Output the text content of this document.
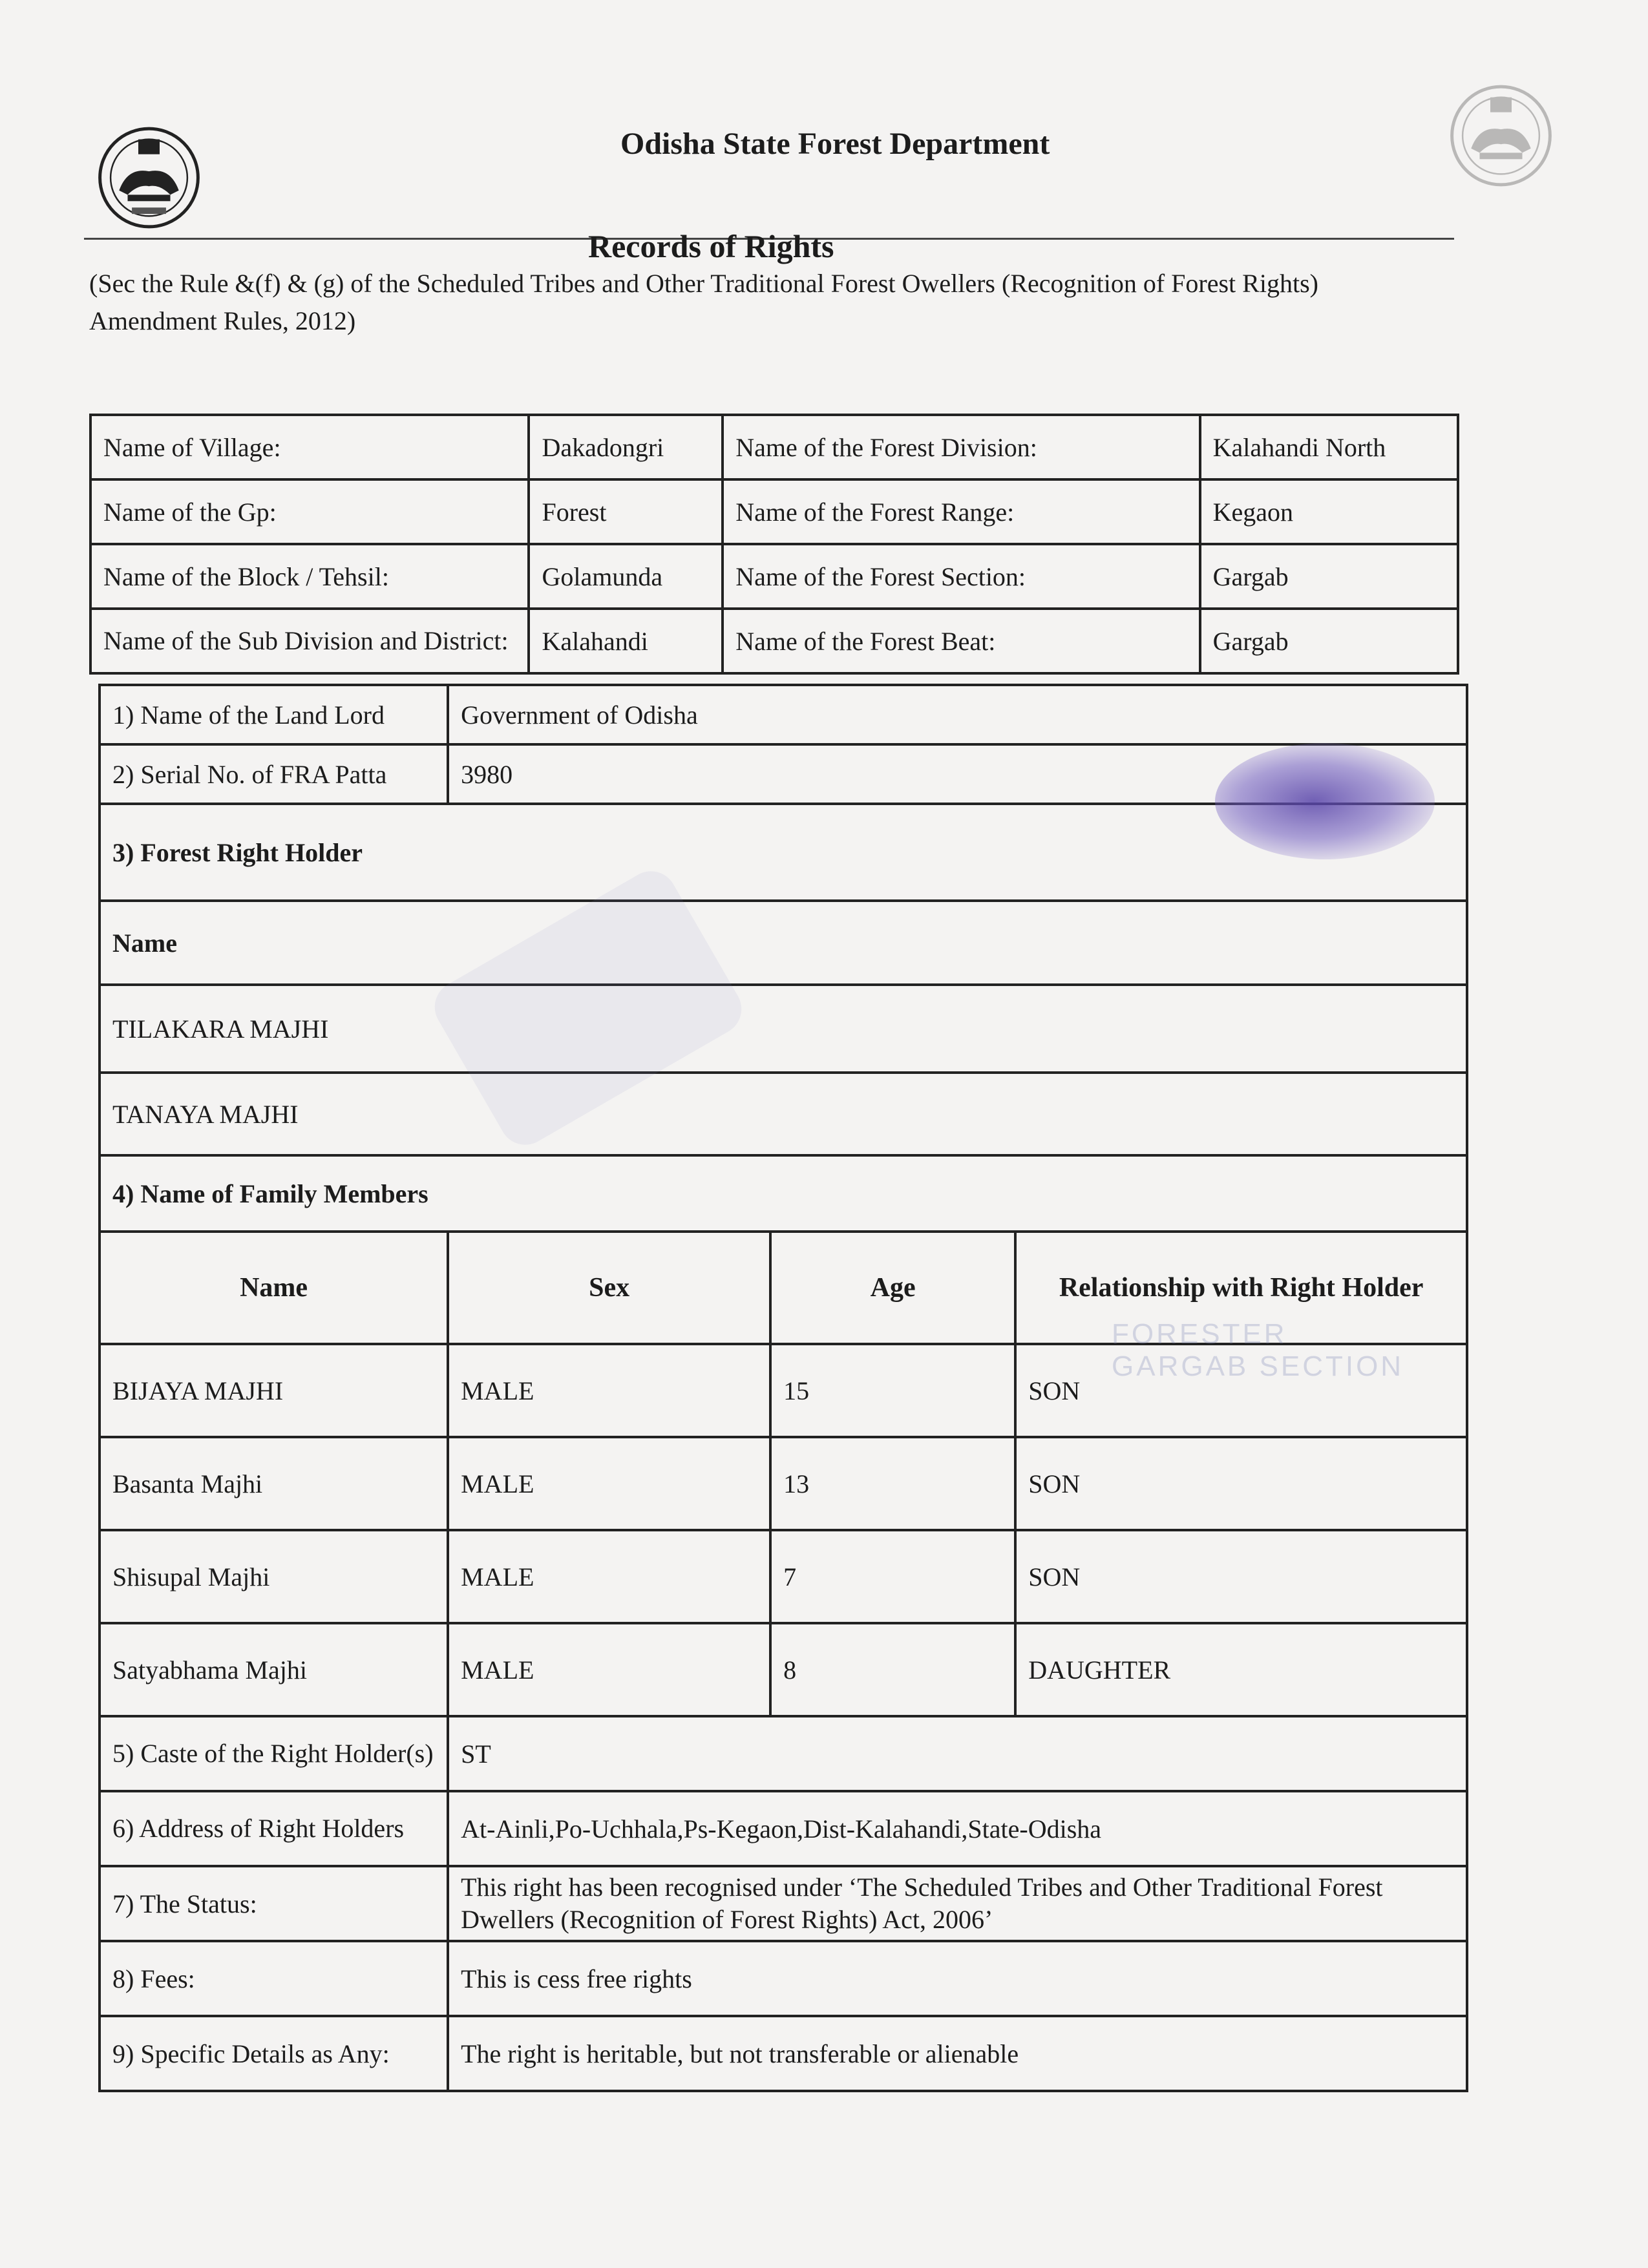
Odisha State Forest Department
Records of Rights
(Sec the Rule &(f) & (g) of the Scheduled Tribes and Other Traditional Forest Owellers (Recognition of Forest Rights) Amendment Rules, 2012)
Name of Village:	Dakadongri	Name of the Forest Division:	Kalahandi North
Name of the Gp:	Forest	Name of the Forest Range:	Kegaon
Name of the Block / Tehsil:	Golamunda	Name of the Forest Section:	Gargab
Name of the Sub Division and District:	Kalahandi	Name of the Forest Beat:	Gargab
1) Name of the Land Lord	Government of Odisha		
2) Serial No. of FRA Patta	3980		
3) Forest Right Holder			
Name			
TILAKARA MAJHI			
TANAYA MAJHI			
4) Name of Family Members			
Name	Sex	Age	Relationship with Right Holder
BIJAYA MAJHI	MALE	15	SON
Basanta Majhi	MALE	13	SON
Shisupal Majhi	MALE	7	SON
Satyabhama Majhi	MALE	8	DAUGHTER
5) Caste of the Right Holder(s)	ST		
6) Address of Right Holders	At-Ainli,Po-Uchhala,Ps-Kegaon,Dist-Kalahandi,State-Odisha		
7) The Status:	This right has been recognised under ‘The Scheduled Tribes and Other Traditional Forest Dwellers (Recognition of Forest Rights) Act, 2006’		
8) Fees:	This is cess free rights		
9) Specific Details as Any:	The right is heritable, but not transferable or alienable		
FORESTER GARGAB SECTION
